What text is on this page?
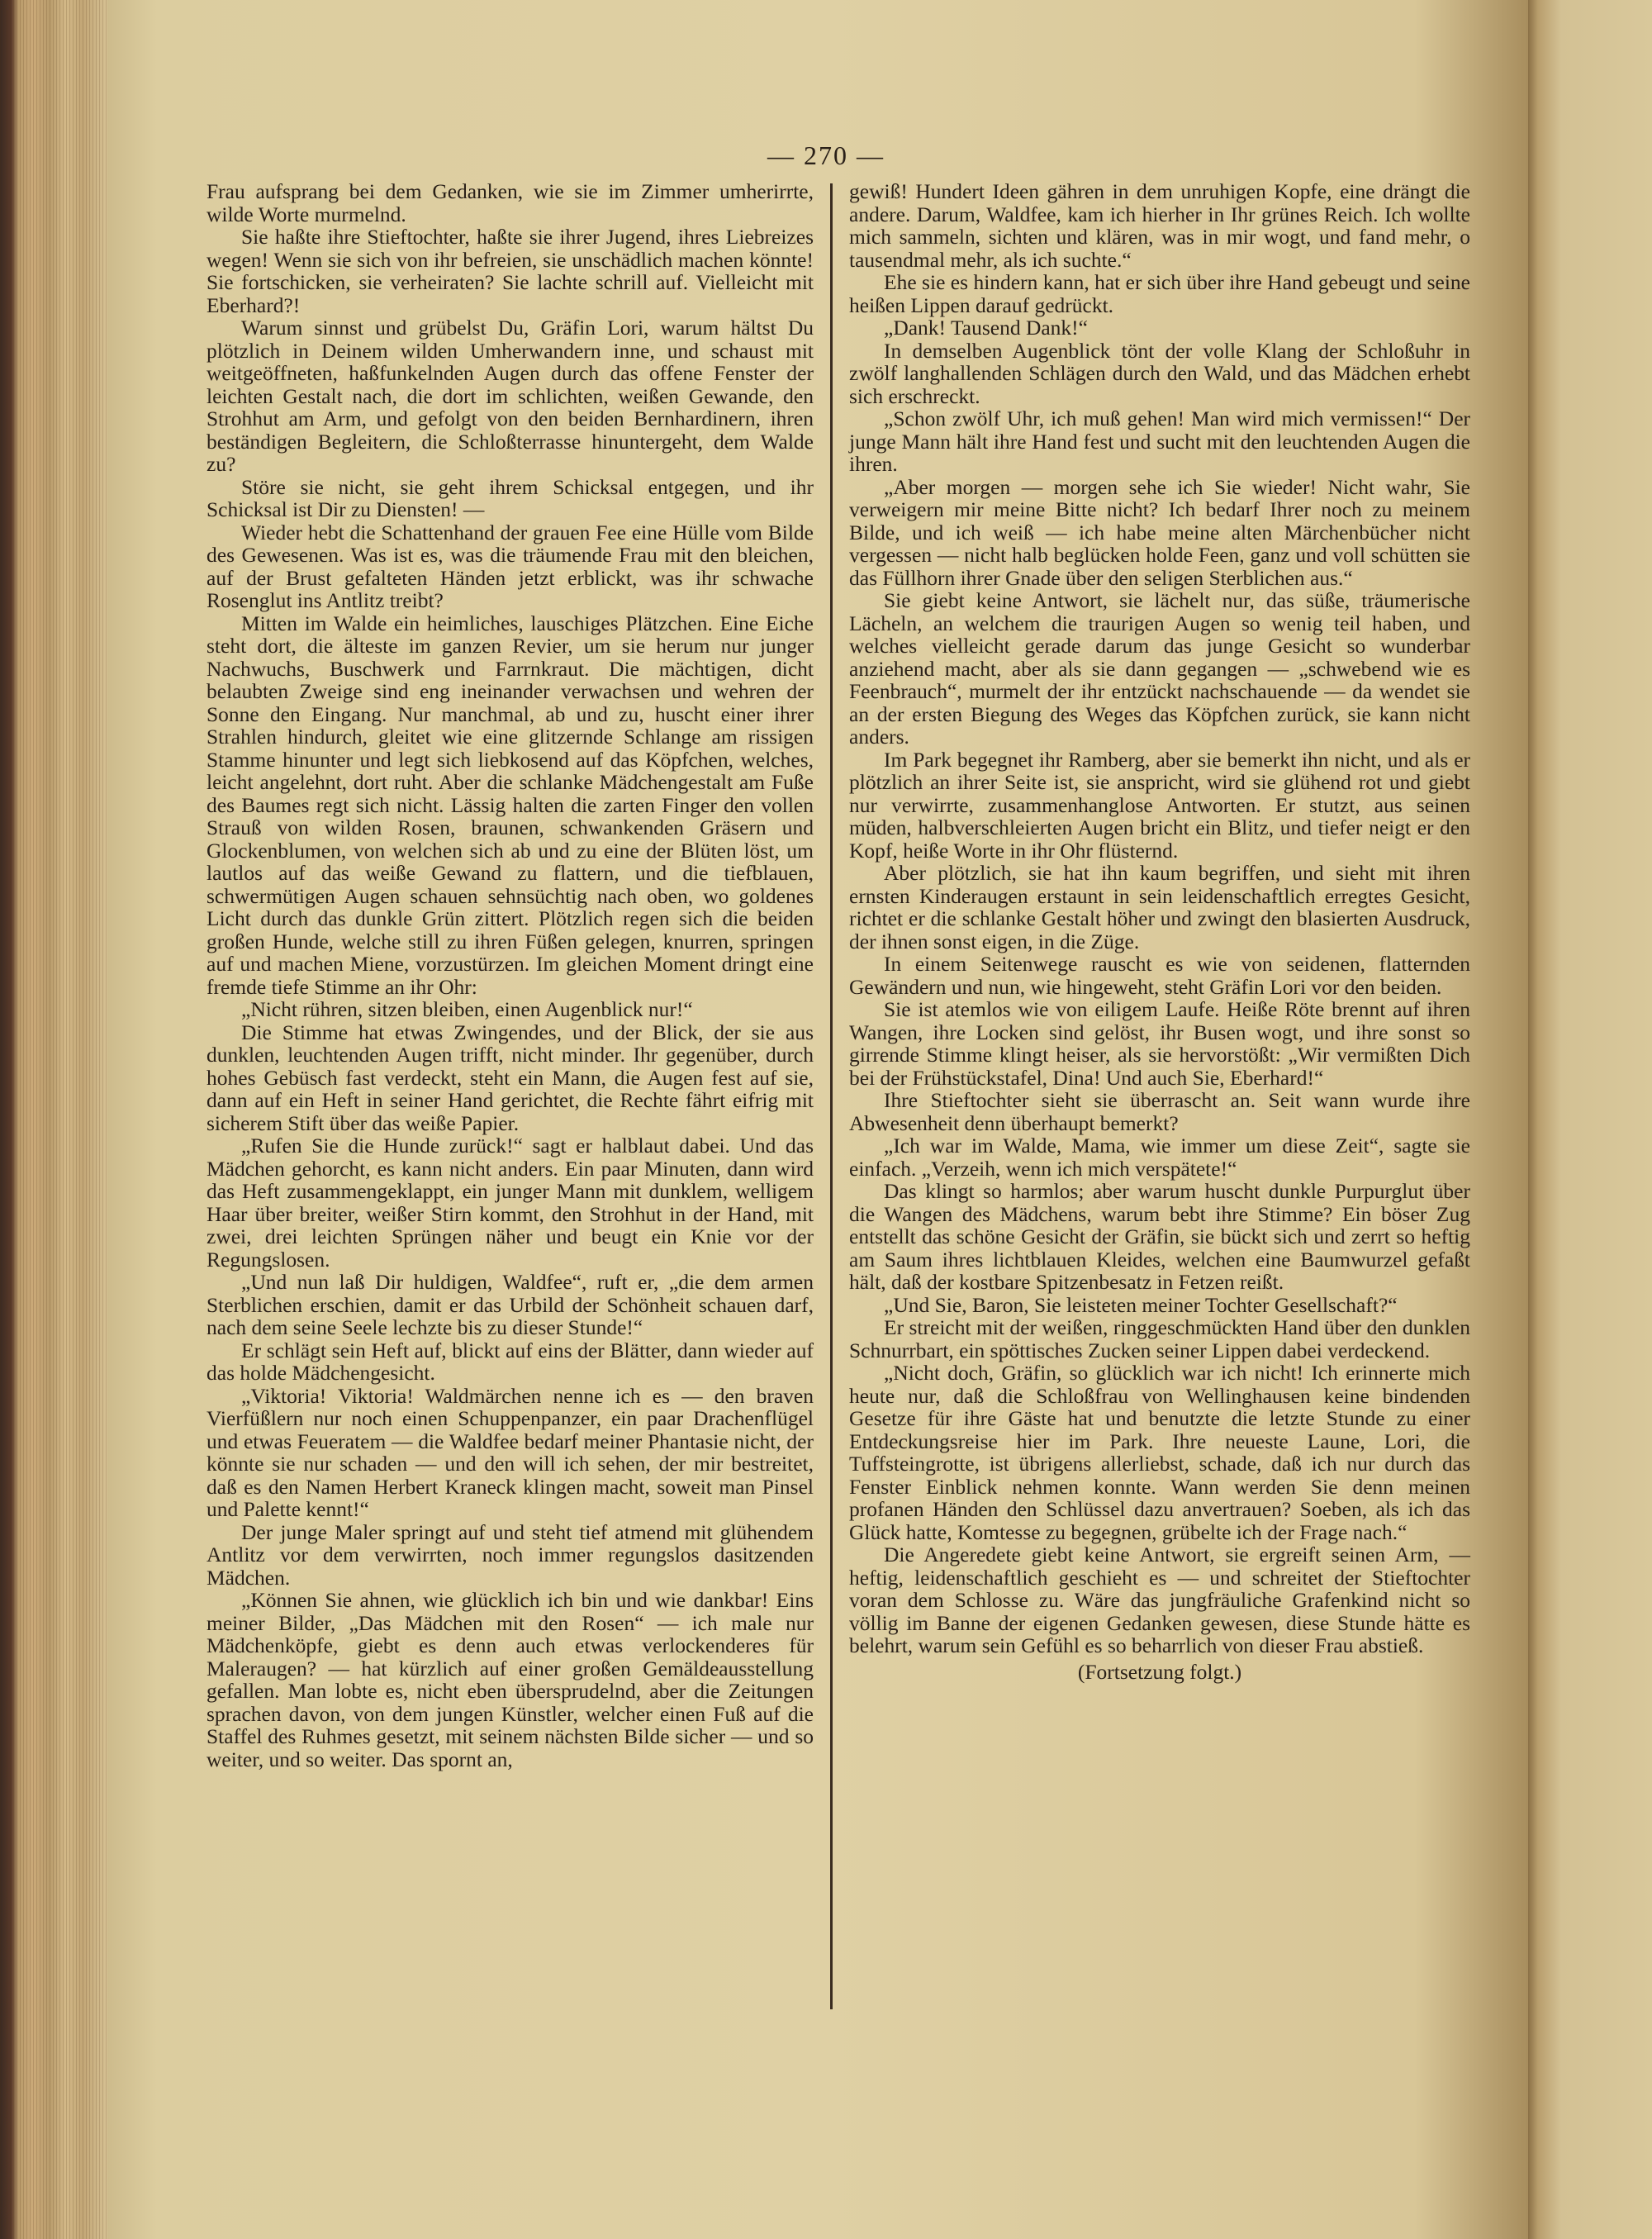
— 270 —

Frau aufsprang bei dem Gedanken, wie sie im Zimmer umherirrte, wilde Worte murmelnd.

Sie haßte ihre Stieftochter, haßte sie ihrer Jugend, ihres Liebreizes wegen! Wenn sie sich von ihr befreien, sie unschädlich machen könnte! Sie fortschicken, sie verheiraten? Sie lachte schrill auf. Vielleicht mit Eberhard?!

Warum sinnst und grübelst Du, Gräfin Lori, warum hältst Du plötzlich in Deinem wilden Umherwandern inne, und schaust mit weitgeöffneten, haßfunkelnden Augen durch das offene Fenster der leichten Gestalt nach, die dort im schlichten, weißen Gewande, den Strohhut am Arm, und gefolgt von den beiden Bernhardinern, ihren beständigen Begleitern, die Schloßterrasse hinuntergeht, dem Walde zu?

Störe sie nicht, sie geht ihrem Schicksal entgegen, und ihr Schicksal ist Dir zu Diensten! —

Wieder hebt die Schattenhand der grauen Fee eine Hülle vom Bilde des Gewesenen. Was ist es, was die träumende Frau mit den bleichen, auf der Brust gefalteten Händen jetzt erblickt, was ihr schwache Rosenglut ins Antlitz treibt?

Mitten im Walde ein heimliches, lauschiges Plätzchen. Eine Eiche steht dort, die älteste im ganzen Revier, um sie herum nur junger Nachwuchs, Buschwerk und Farrnkraut. Die mächtigen, dicht belaubten Zweige sind eng ineinander verwachsen und wehren der Sonne den Eingang. Nur manchmal, ab und zu, huscht einer ihrer Strahlen hindurch, gleitet wie eine glitzernde Schlange am rissigen Stamme hinunter und legt sich liebkosend auf das Köpfchen, welches, leicht angelehnt, dort ruht. Aber die schlanke Mädchengestalt am Fuße des Baumes regt sich nicht. Lässig halten die zarten Finger den vollen Strauß von wilden Rosen, braunen, schwankenden Gräsern und Glockenblumen, von welchen sich ab und zu eine der Blüten löst, um lautlos auf das weiße Gewand zu flattern, und die tiefblauen, schwermütigen Augen schauen sehnsüchtig nach oben, wo goldenes Licht durch das dunkle Grün zittert. Plötzlich regen sich die beiden großen Hunde, welche still zu ihren Füßen gelegen, knurren, springen auf und machen Miene, vorzustürzen. Im gleichen Moment dringt eine fremde tiefe Stimme an ihr Ohr:

„Nicht rühren, sitzen bleiben, einen Augenblick nur!“

Die Stimme hat etwas Zwingendes, und der Blick, der sie aus dunklen, leuchtenden Augen trifft, nicht minder. Ihr gegenüber, durch hohes Gebüsch fast verdeckt, steht ein Mann, die Augen fest auf sie, dann auf ein Heft in seiner Hand gerichtet, die Rechte fährt eifrig mit sicherem Stift über das weiße Papier.

„Rufen Sie die Hunde zurück!“ sagt er halblaut dabei. Und das Mädchen gehorcht, es kann nicht anders. Ein paar Minuten, dann wird das Heft zusammengeklappt, ein junger Mann mit dunklem, welligem Haar über breiter, weißer Stirn kommt, den Strohhut in der Hand, mit zwei, drei leichten Sprüngen näher und beugt ein Knie vor der Regungslosen.

„Und nun laß Dir huldigen, Waldfee“, ruft er, „die dem armen Sterblichen erschien, damit er das Urbild der Schönheit schauen darf, nach dem seine Seele lechzte bis zu dieser Stunde!“

Er schlägt sein Heft auf, blickt auf eins der Blätter, dann wieder auf das holde Mädchengesicht.

„Viktoria! Viktoria! Waldmärchen nenne ich es — den braven Vierfüßlern nur noch einen Schuppenpanzer, ein paar Drachenflügel und etwas Feueratem — die Waldfee bedarf meiner Phantasie nicht, der könnte sie nur schaden — und den will ich sehen, der mir bestreitet, daß es den Namen Herbert Kraneck klingen macht, soweit man Pinsel und Palette kennt!“

Der junge Maler springt auf und steht tief atmend mit glühendem Antlitz vor dem verwirrten, noch immer regungslos dasitzenden Mädchen.

„Können Sie ahnen, wie glücklich ich bin und wie dankbar! Eins meiner Bilder, „Das Mädchen mit den Rosen“ — ich male nur Mädchenköpfe, giebt es denn auch etwas verlockenderes für Maleraugen? — hat kürzlich auf einer großen Gemäldeausstellung gefallen. Man lobte es, nicht eben übersprudelnd, aber die Zeitungen sprachen davon, von dem jungen Künstler, welcher einen Fuß auf die Staffel des Ruhmes gesetzt, mit seinem nächsten Bilde sicher — und so weiter, und so weiter. Das spornt an,

gewiß! Hundert Ideen gähren in dem unruhigen Kopfe, eine drängt die andere. Darum, Waldfee, kam ich hierher in Ihr grünes Reich. Ich wollte mich sammeln, sichten und klären, was in mir wogt, und fand mehr, o tausendmal mehr, als ich suchte.“

Ehe sie es hindern kann, hat er sich über ihre Hand gebeugt und seine heißen Lippen darauf gedrückt.

„Dank! Tausend Dank!“

In demselben Augenblick tönt der volle Klang der Schloßuhr in zwölf langhallenden Schlägen durch den Wald, und das Mädchen erhebt sich erschreckt.

„Schon zwölf Uhr, ich muß gehen! Man wird mich vermissen!“ Der junge Mann hält ihre Hand fest und sucht mit den leuchtenden Augen die ihren.

„Aber morgen — morgen sehe ich Sie wieder! Nicht wahr, Sie verweigern mir meine Bitte nicht? Ich bedarf Ihrer noch zu meinem Bilde, und ich weiß — ich habe meine alten Märchenbücher nicht vergessen — nicht halb beglücken holde Feen, ganz und voll schütten sie das Füllhorn ihrer Gnade über den seligen Sterblichen aus.“

Sie giebt keine Antwort, sie lächelt nur, das süße, träumerische Lächeln, an welchem die traurigen Augen so wenig teil haben, und welches vielleicht gerade darum das junge Gesicht so wunderbar anziehend macht, aber als sie dann gegangen — „schwebend wie es Feenbrauch“, murmelt der ihr entzückt nachschauende — da wendet sie an der ersten Biegung des Weges das Köpfchen zurück, sie kann nicht anders.

Im Park begegnet ihr Ramberg, aber sie bemerkt ihn nicht, und als er plötzlich an ihrer Seite ist, sie anspricht, wird sie glühend rot und giebt nur verwirrte, zusammenhanglose Antworten. Er stutzt, aus seinen müden, halbverschleierten Augen bricht ein Blitz, und tiefer neigt er den Kopf, heiße Worte in ihr Ohr flüsternd.

Aber plötzlich, sie hat ihn kaum begriffen, und sieht mit ihren ernsten Kinderaugen erstaunt in sein leidenschaftlich erregtes Gesicht, richtet er die schlanke Gestalt höher und zwingt den blasierten Ausdruck, der ihnen sonst eigen, in die Züge.

In einem Seitenwege rauscht es wie von seidenen, flatternden Gewändern und nun, wie hingeweht, steht Gräfin Lori vor den beiden.

Sie ist atemlos wie von eiligem Laufe. Heiße Röte brennt auf ihren Wangen, ihre Locken sind gelöst, ihr Busen wogt, und ihre sonst so girrende Stimme klingt heiser, als sie hervorstößt: „Wir vermißten Dich bei der Frühstückstafel, Dina! Und auch Sie, Eberhard!“

Ihre Stieftochter sieht sie überrascht an. Seit wann wurde ihre Abwesenheit denn überhaupt bemerkt?

„Ich war im Walde, Mama, wie immer um diese Zeit“, sagte sie einfach. „Verzeih, wenn ich mich verspätete!“

Das klingt so harmlos; aber warum huscht dunkle Purpurglut über die Wangen des Mädchens, warum bebt ihre Stimme? Ein böser Zug entstellt das schöne Gesicht der Gräfin, sie bückt sich und zerrt so heftig am Saum ihres lichtblauen Kleides, welchen eine Baumwurzel gefaßt hält, daß der kostbare Spitzenbesatz in Fetzen reißt.

„Und Sie, Baron, Sie leisteten meiner Tochter Gesellschaft?“

Er streicht mit der weißen, ringgeschmückten Hand über den dunklen Schnurrbart, ein spöttisches Zucken seiner Lippen dabei verdeckend.

„Nicht doch, Gräfin, so glücklich war ich nicht! Ich erinnerte mich heute nur, daß die Schloßfrau von Wellinghausen keine bindenden Gesetze für ihre Gäste hat und benutzte die letzte Stunde zu einer Entdeckungsreise hier im Park. Ihre neueste Laune, Lori, die Tuffsteingrotte, ist übrigens allerliebst, schade, daß ich nur durch das Fenster Einblick nehmen konnte. Wann werden Sie denn meinen profanen Händen den Schlüssel dazu anvertrauen? Soeben, als ich das Glück hatte, Komtesse zu begegnen, grübelte ich der Frage nach.“

Die Angeredete giebt keine Antwort, sie ergreift seinen Arm, — heftig, leidenschaftlich geschieht es — und schreitet der Stieftochter voran dem Schlosse zu. Wäre das jungfräuliche Grafenkind nicht so völlig im Banne der eigenen Gedanken gewesen, diese Stunde hätte es belehrt, warum sein Gefühl es so beharrlich von dieser Frau abstieß.

(Fortsetzung folgt.)
